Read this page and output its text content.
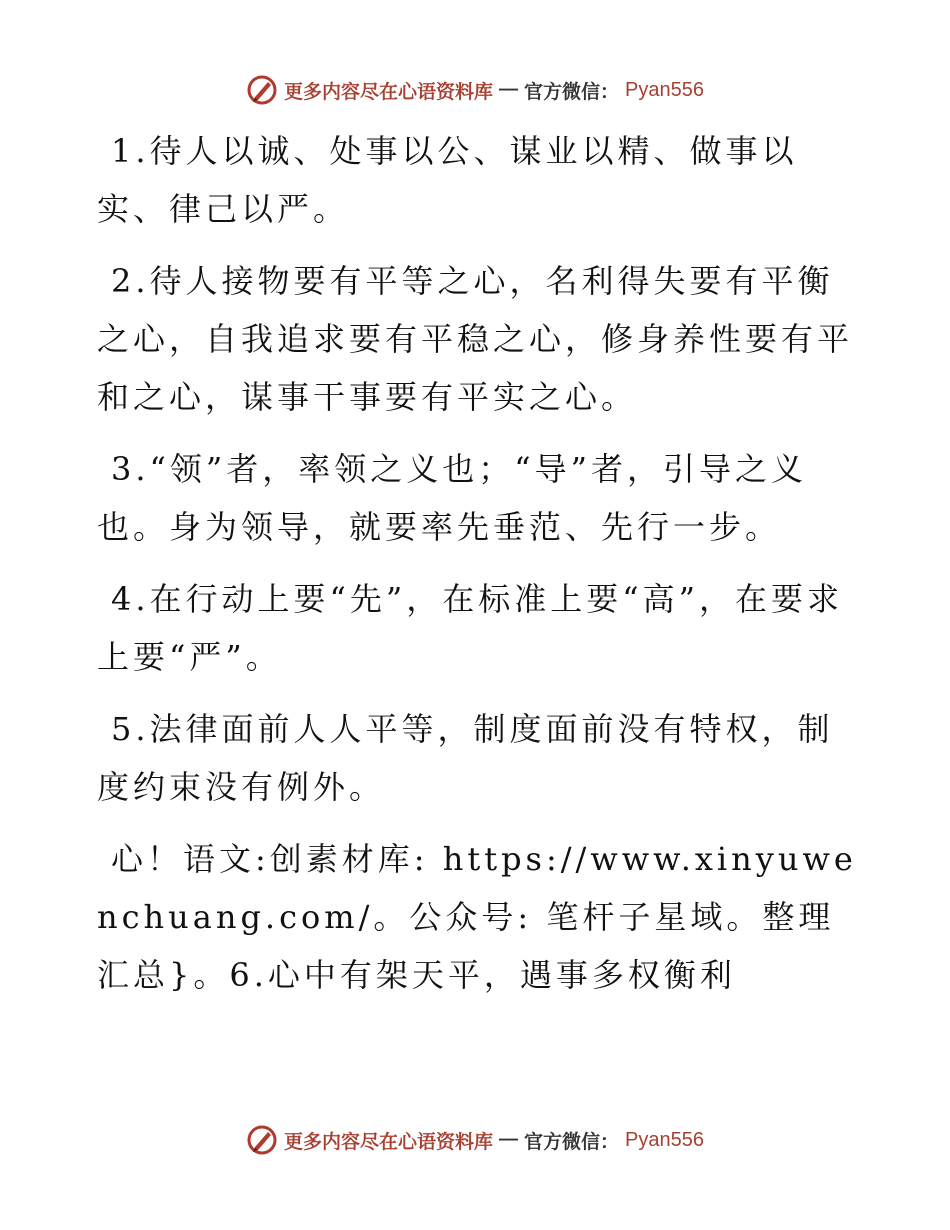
更多内容尽在心语资料库 — 官方微信： Pyan556

1.待人以诚、处事以公、谋业以精、做事以实、律己以严。

2.待人接物要有平等之心，名利得失要有平衡之心，自我追求要有平稳之心，修身养性要有平和之心，谋事干事要有平实之心。

3.“领”者，率领之义也；“导”者，引导之义也。身为领导，就要率先垂范、先行一步。

4.在行动上要“先”，在标准上要“高”，在要求上要“严”。

5.法律面前人人平等，制度面前没有特权，制度约束没有例外。

心！语文:创素材库: https://www.xinyuwenchuang.com/。公众号: 笔杆子星域。整理汇总}。6.心中有架天平，遇事多权衡利

更多内容尽在心语资料库 — 官方微信： Pyan556
